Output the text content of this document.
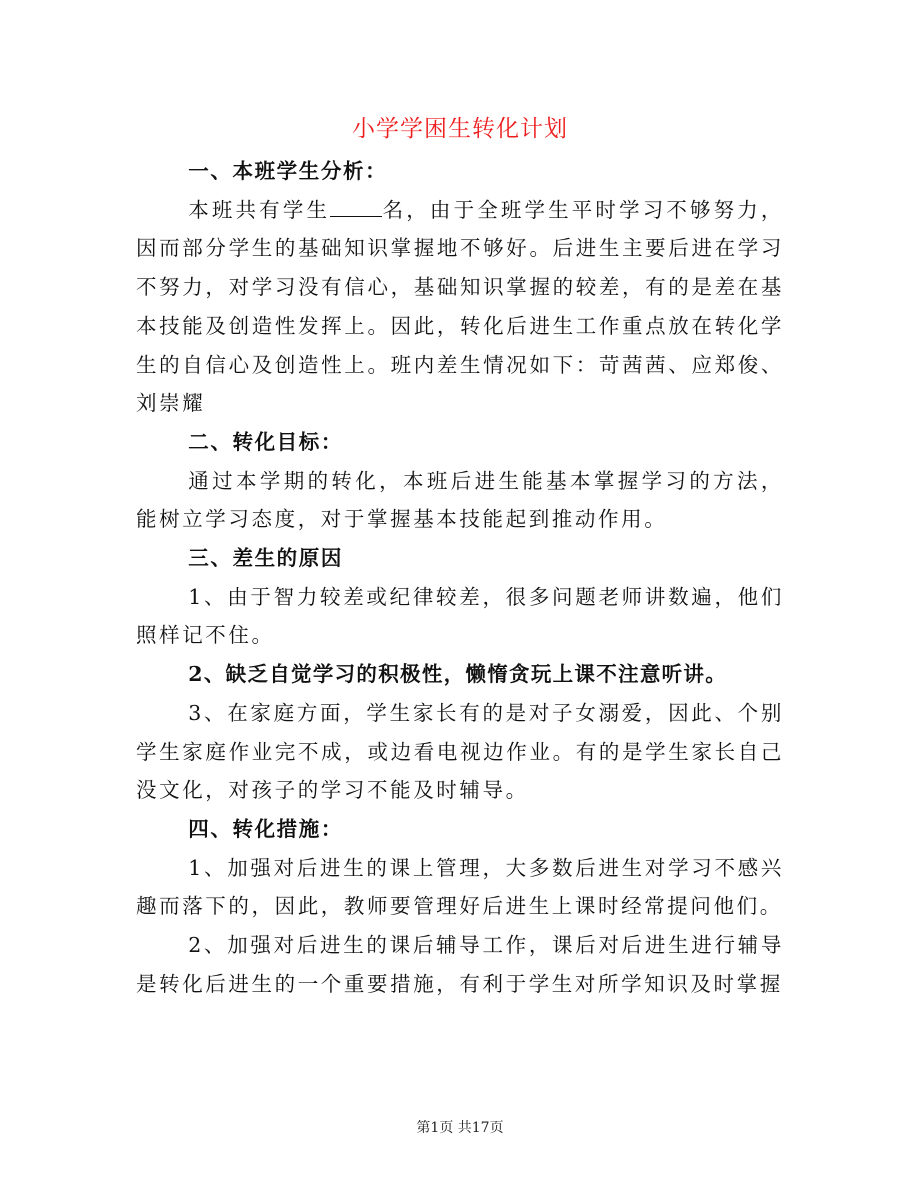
小学学困生转化计划

一、本班学生分析：

本班共有学生	名，由于全班学生平时学习不够努力，因而部分学生的基础知识掌握地不够好。后进生主要后进在学习不努力，对学习没有信心，基础知识掌握的较差，有的是差在基本技能及创造性发挥上。因此，转化后进生工作重点放在转化学生的自信心及创造性上。班内差生情况如下：苛茜茜、应郑俊、刘崇耀

二、转化目标：

通过本学期的转化，本班后进生能基本掌握学习的方法，能树立学习态度，对于掌握基本技能起到推动作用。

三、差生的原因

1、由于智力较差或纪律较差，很多问题老师讲数遍，他们照样记不住。

2、缺乏自觉学习的积极性，懒惰贪玩上课不注意听讲。

3、在家庭方面，学生家长有的是对子女溺爱，因此、个别学生家庭作业完不成，或边看电视边作业。有的是学生家长自己没文化，对孩子的学习不能及时辅导。

四、转化措施：

1、加强对后进生的课上管理，大多数后进生对学习不感兴趣而落下的，因此，教师要管理好后进生上课时经常提问他们。

2、加强对后进生的课后辅导工作，课后对后进生进行辅导是转化后进生的一个重要措施，有利于学生对所学知识及时掌握

第1页 共17页
